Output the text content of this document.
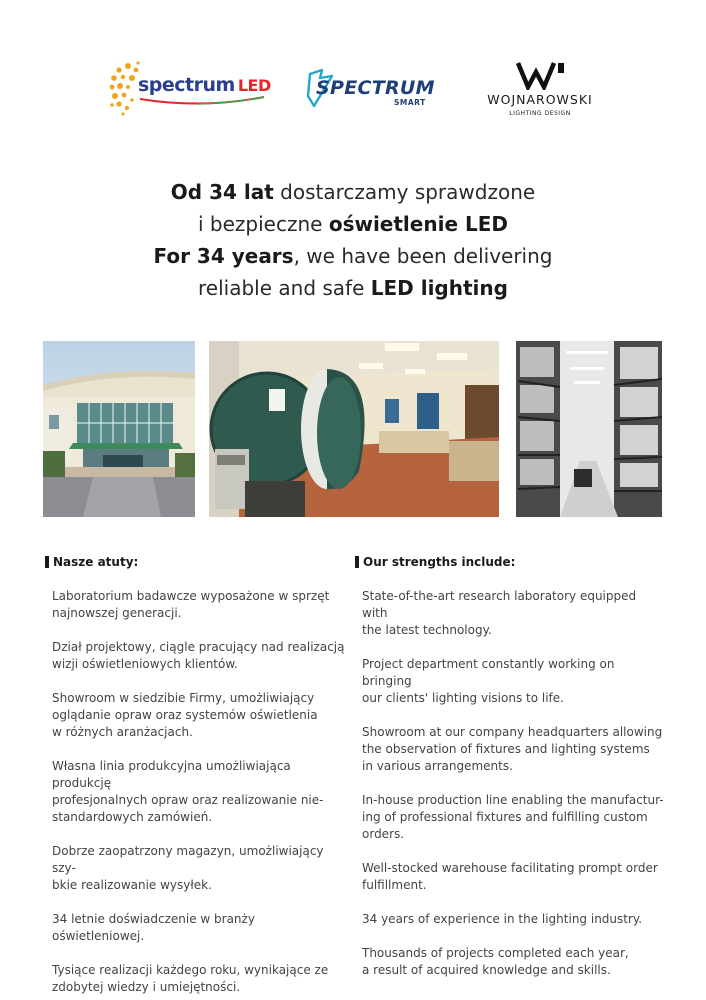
spectrum LED SPECTRUM
SMART	WOJNAROWSKI
LIGHTING DESIGN
Od 34 lat dostarczamy sprawdzone
i bezpieczne oświetlenie LED
For 34 years, we have been delivering
reliable and safe LED lighting
Nasze atuty:
Laboratorium badawcze wyposażone w sprzęt
najnowszej generacji.
Dział projektowy, ciągle pracujący nad realizacją
wizji oświetleniowych klientów.
Showroom w siedzibie Firmy, umożliwiający
oglądanie opraw oraz systemów oświetlenia
w różnych aranżacjach.
Własna linia produkcyjna umożliwiająca produkcję
profesjonalnych opraw oraz realizowanie nie-
standardowych zamówień.
Dobrze zaopatrzony magazyn, umożliwiający szy-
bkie realizowanie wysyłek.
34 letnie doświadczenie w branży oświetleniowej.
Tysiące realizacji każdego roku, wynikające ze
zdobytej wiedzy i umiejętności.
Our strengths include:
State-of-the-art research laboratory equipped with
the latest technology.
Project department constantly working on bringing
our clients' lighting visions to life.
Showroom at our company headquarters allowing
the observation of fixtures and lighting systems
in various arrangements.
In-house production line enabling the manufactur-
ing of professional fixtures and fulfilling custom
orders.
Well-stocked warehouse facilitating prompt order
fulfillment.
34 years of experience in the lighting industry.
Thousands of projects completed each year,
a result of acquired knowledge and skills.
